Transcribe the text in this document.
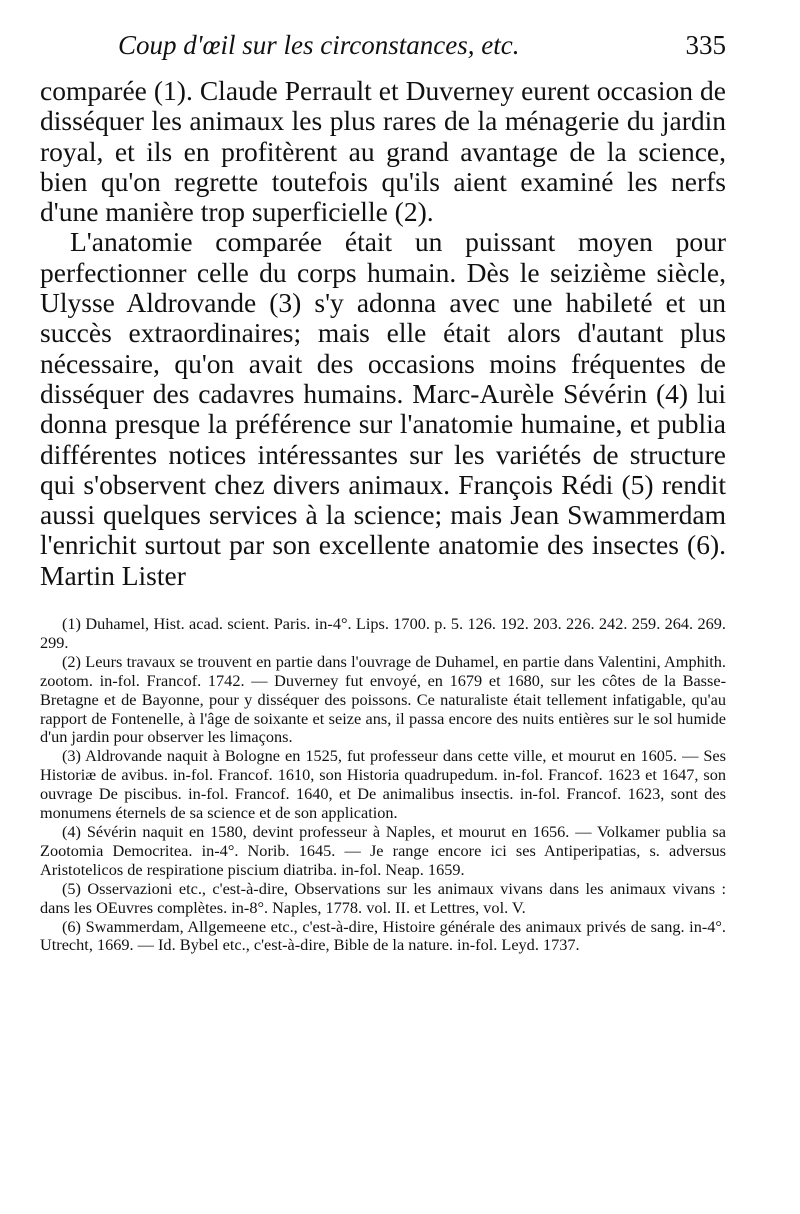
Coup d'œil sur les circonstances, etc.	335

comparée (1). Claude Perrault et Duverney eurent occasion de disséquer les animaux les plus rares de la ménagerie du jardin royal, et ils en profitèrent au grand avantage de la science, bien qu'on regrette toutefois qu'ils aient examiné les nerfs d'une manière trop superficielle (2).

L'anatomie comparée était un puissant moyen pour perfectionner celle du corps humain. Dès le seizième siècle, Ulysse Aldrovande (3) s'y adonna avec une habileté et un succès extraordinaires; mais elle était alors d'autant plus nécessaire, qu'on avait des occasions moins fréquentes de disséquer des cadavres humains. Marc-Aurèle Sévérin (4) lui donna presque la préférence sur l'anatomie humaine, et publia différentes notices intéressantes sur les variétés de structure qui s'observent chez divers animaux. François Rédi (5) rendit aussi quelques services à la science; mais Jean Swammerdam l'enrichit surtout par son excellente anatomie des insectes (6). Martin Lister

(1) Duhamel, Hist. acad. scient. Paris. in-4°. Lips. 1700. p. 5. 126. 192. 203. 226. 242. 259. 264. 269. 299.

(2) Leurs travaux se trouvent en partie dans l'ouvrage de Duhamel, en partie dans Valentini, Amphith. zootom. in-fol. Francof. 1742. — Duverney fut envoyé, en 1679 et 1680, sur les côtes de la Basse-Bretagne et de Bayonne, pour y disséquer des poissons. Ce naturaliste était tellement infatigable, qu'au rapport de Fontenelle, à l'âge de soixante et seize ans, il passa encore des nuits entières sur le sol humide d'un jardin pour observer les limaçons.

(3) Aldrovande naquit à Bologne en 1525, fut professeur dans cette ville, et mourut en 1605. — Ses Historiæ de avibus. in-fol. Francof. 1610, son Historia quadrupedum. in-fol. Francof. 1623 et 1647, son ouvrage De piscibus. in-fol. Francof. 1640, et De animalibus insectis. in-fol. Francof. 1623, sont des monumens éternels de sa science et de son application.

(4) Sévérin naquit en 1580, devint professeur à Naples, et mourut en 1656. — Volkamer publia sa Zootomia Democritea. in-4°. Norib. 1645. — Je range encore ici ses Antiperipatias, s. adversus Aristotelicos de respiratione piscium diatriba. in-fol. Neap. 1659.

(5) Osservazioni etc., c'est-à-dire, Observations sur les animaux vivans dans les animaux vivans : dans les OEuvres complètes. in-8°. Naples, 1778. vol. II. et Lettres, vol. V.

(6) Swammerdam, Allgemeene etc., c'est-à-dire, Histoire générale des animaux privés de sang. in-4°. Utrecht, 1669. — Id. Bybel etc., c'est-à-dire, Bible de la nature. in-fol. Leyd. 1737.
